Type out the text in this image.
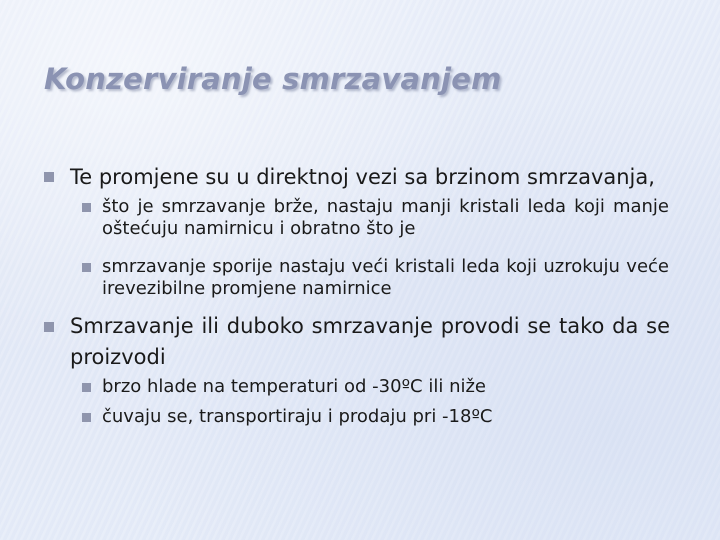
Konzerviranje smrzavanjem

Te promjene su u direktnoj vezi sa brzinom smrzavanja,

što je smrzavanje brže, nastaju manji kristali leda koji manje oštećuju namirnicu i obratno što je

smrzavanje sporije nastaju veći kristali leda koji uzrokuju veće irevezibilne promjene namirnice

Smrzavanje ili duboko smrzavanje provodi se tako da se proizvodi

brzo hlade na temperaturi od -30ºC ili niže

čuvaju se, transportiraju i prodaju pri -18ºC
